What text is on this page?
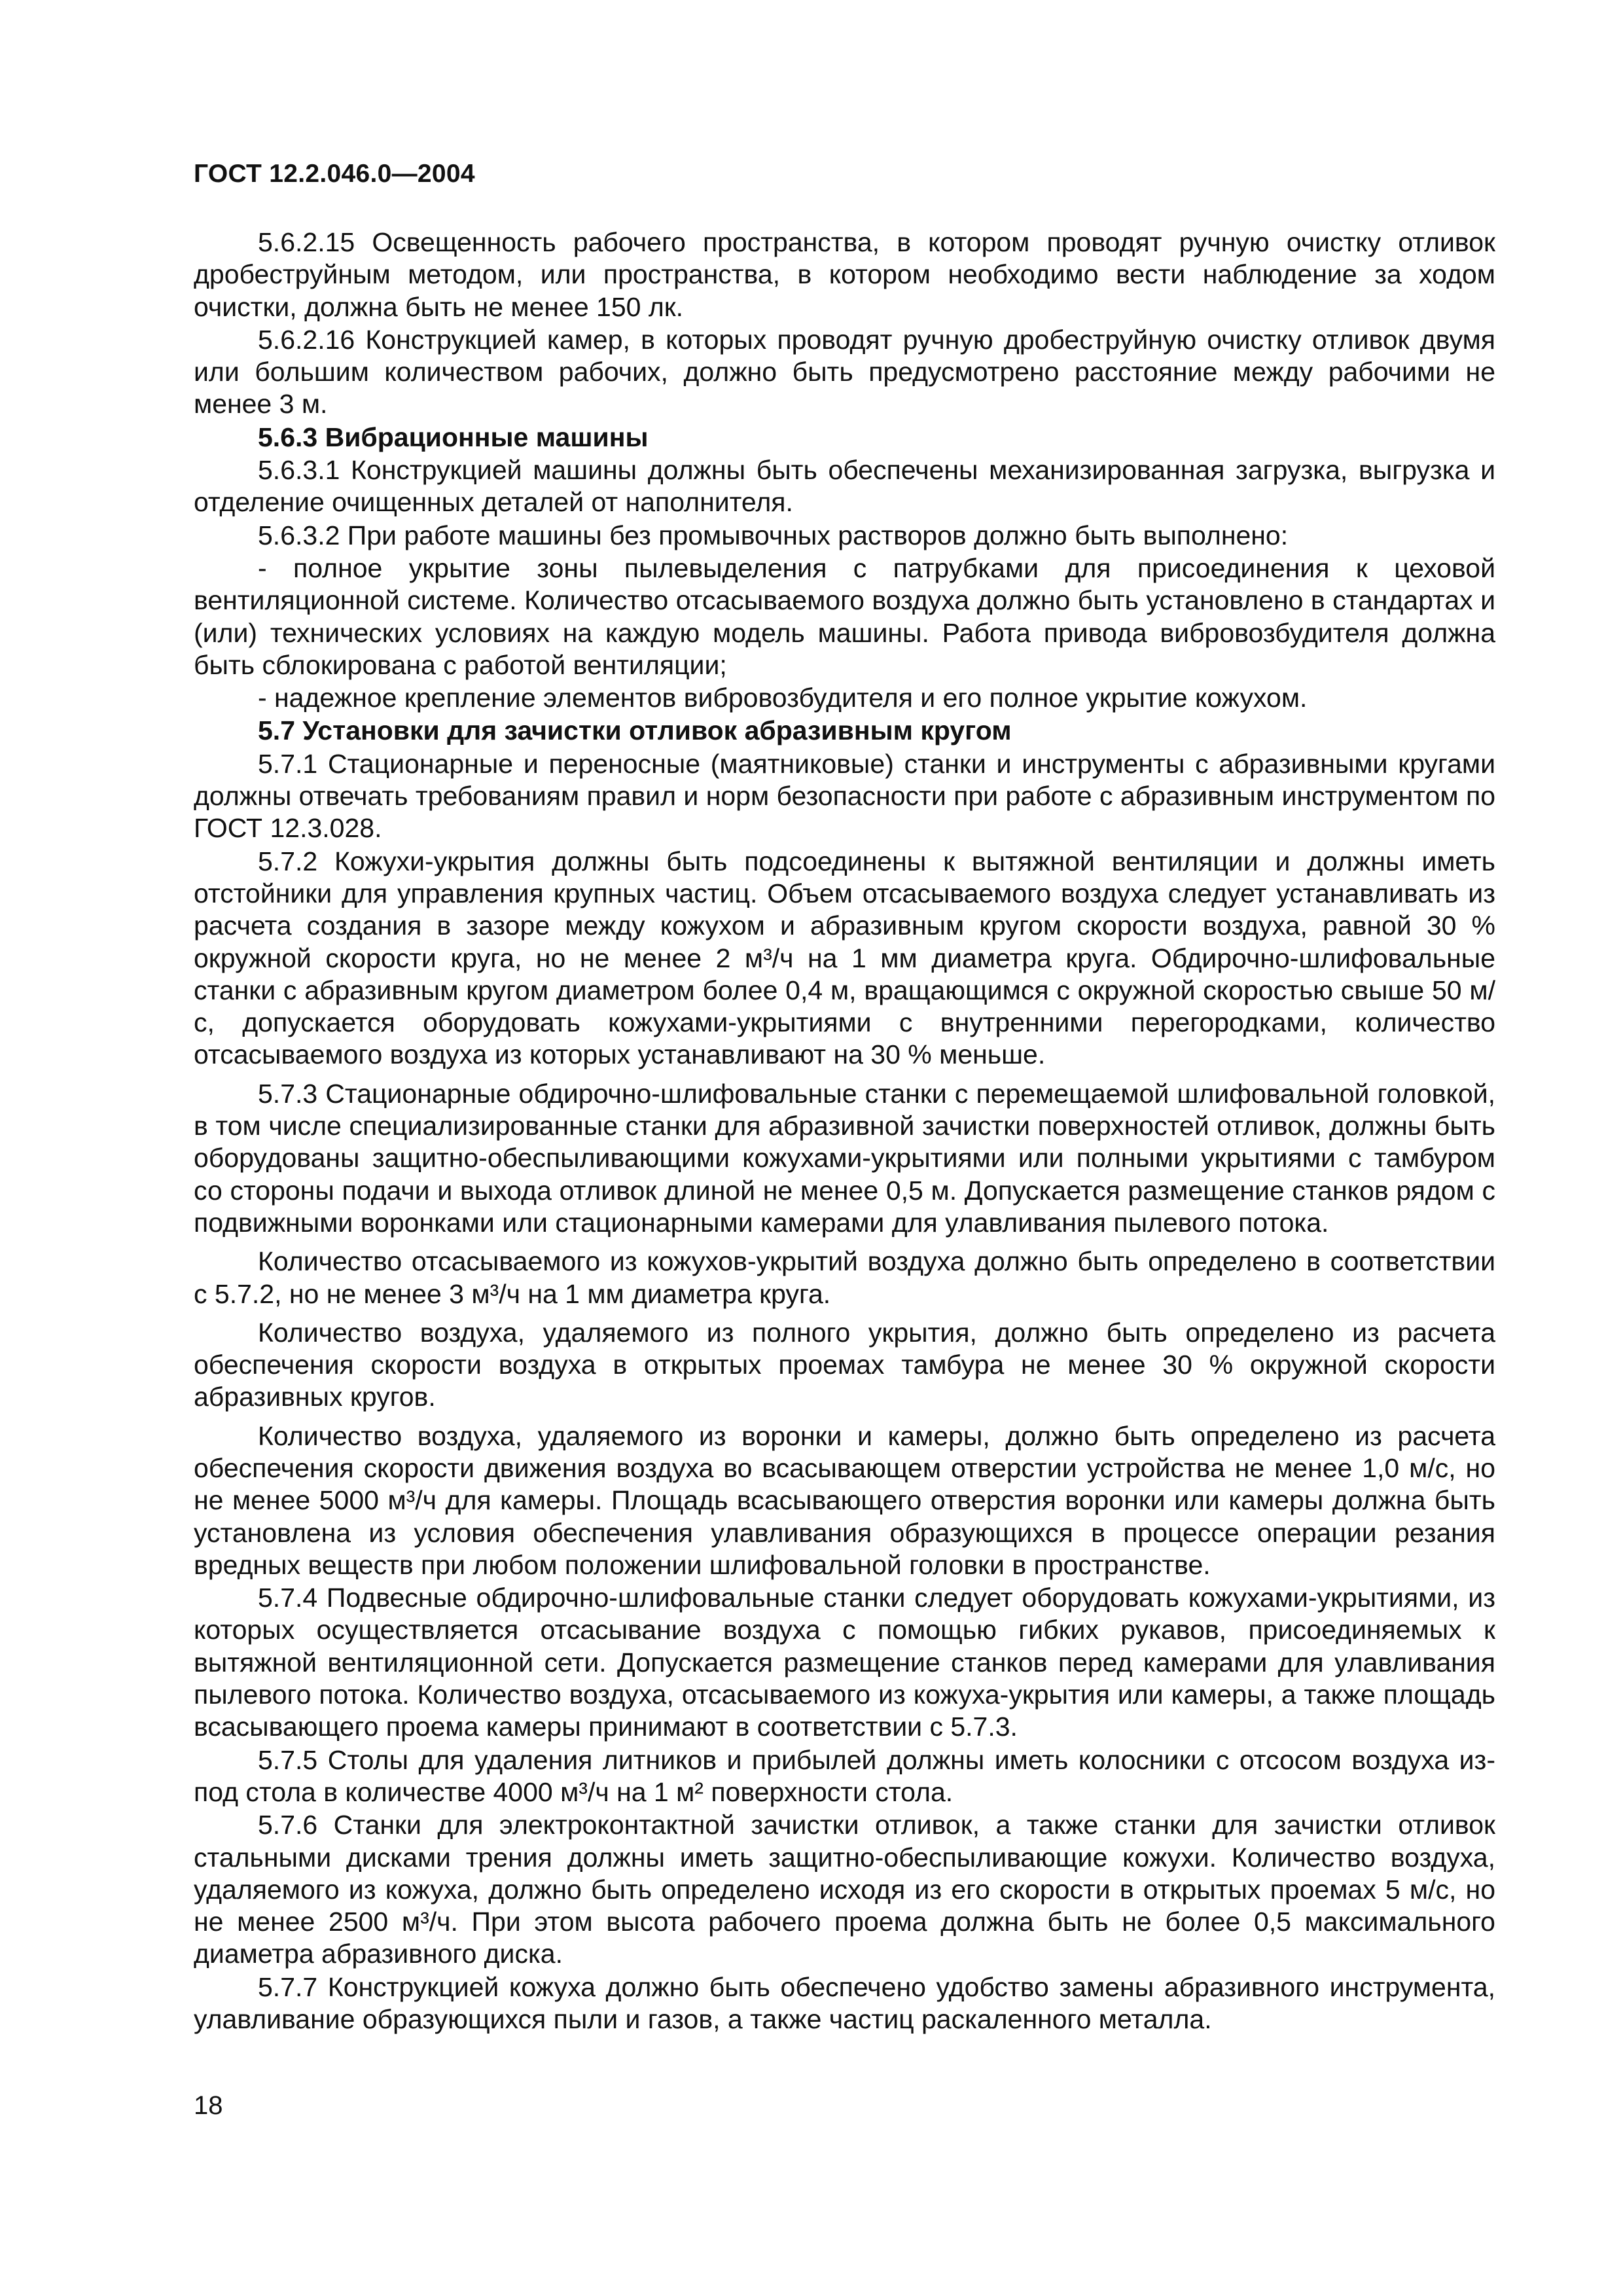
ГОСТ 12.2.046.0—2004

5.6.2.15 Освещенность рабочего пространства, в котором проводят ручную очистку отливок дробеструйным методом, или пространства, в котором необходимо вести наблюдение за ходом очистки, должна быть не менее 150 лк.

5.6.2.16 Конструкцией камер, в которых проводят ручную дробеструйную очистку отливок двумя или большим количеством рабочих, должно быть предусмотрено расстояние между рабочими не менее 3 м.

5.6.3 Вибрационные машины

5.6.3.1 Конструкцией машины должны быть обеспечены механизированная загрузка, выгрузка и отделение очищенных деталей от наполнителя.

5.6.3.2 При работе машины без промывочных растворов должно быть выполнено:

- полное укрытие зоны пылевыделения с патрубками для присоединения к цеховой вентиляционной системе. Количество отсасываемого воздуха должно быть установлено в стандартах и (или) технических условиях на каждую модель машины. Работа привода вибровозбудителя должна быть сблокирована с работой вентиляции;

- надежное крепление элементов вибровозбудителя и его полное укрытие кожухом.

5.7 Установки для зачистки отливок абразивным кругом

5.7.1 Стационарные и переносные (маятниковые) станки и инструменты с абразивными кругами должны отвечать требованиям правил и норм безопасности при работе с абразивным инструментом по ГОСТ 12.3.028.

5.7.2 Кожухи-укрытия должны быть подсоединены к вытяжной вентиляции и должны иметь отстойники для управления крупных частиц. Объем отсасываемого воздуха следует устанавливать из расчета создания в зазоре между кожухом и абразивным кругом скорости воздуха, равной 30 % окружной скорости круга, но не менее 2 м³/ч на 1 мм диаметра круга. Обдирочно-шлифовальные станки с абразивным кругом диаметром более 0,4 м, вращающимся с окружной скоростью свыше 50 м/с, допускается оборудовать кожухами-укрытиями с внутренними перегородками, количество отсасываемого воздуха из которых устанавливают на 30 % меньше.

5.7.3 Стационарные обдирочно-шлифовальные станки с перемещаемой шлифовальной головкой, в том числе специализированные станки для абразивной зачистки поверхностей отливок, должны быть оборудованы защитно-обеспыливающими кожухами-укрытиями или полными укрытиями с тамбуром со стороны подачи и выхода отливок длиной не менее 0,5 м. Допускается размещение станков рядом с подвижными воронками или стационарными камерами для улавливания пылевого потока.

Количество отсасываемого из кожухов-укрытий воздуха должно быть определено в соответствии с 5.7.2, но не менее 3 м³/ч на 1 мм диаметра круга.

Количество воздуха, удаляемого из полного укрытия, должно быть определено из расчета обеспечения скорости воздуха в открытых проемах тамбура не менее 30 % окружной скорости абразивных кругов.

Количество воздуха, удаляемого из воронки и камеры, должно быть определено из расчета обеспечения скорости движения воздуха во всасывающем отверстии устройства не менее 1,0 м/с, но не менее 5000 м³/ч для камеры. Площадь всасывающего отверстия воронки или камеры должна быть установлена из условия обеспечения улавливания образующихся в процессе операции резания вредных веществ при любом положении шлифовальной головки в пространстве.

5.7.4 Подвесные обдирочно-шлифовальные станки следует оборудовать кожухами-укрытиями, из которых осуществляется отсасывание воздуха с помощью гибких рукавов, присоединяемых к вытяжной вентиляционной сети. Допускается размещение станков перед камерами для улавливания пылевого потока. Количество воздуха, отсасываемого из кожуха-укрытия или камеры, а также площадь всасывающего проема камеры принимают в соответствии с 5.7.3.

5.7.5 Столы для удаления литников и прибылей должны иметь колосники с отсосом воздуха из-под стола в количестве 4000 м³/ч на 1 м² поверхности стола.

5.7.6 Станки для электроконтактной зачистки отливок, а также станки для зачистки отливок стальными дисками трения должны иметь защитно-обеспыливающие кожухи. Количество воздуха, удаляемого из кожуха, должно быть определено исходя из его скорости в открытых проемах 5 м/с, но не менее 2500 м³/ч. При этом высота рабочего проема должна быть не более 0,5 максимального диаметра абразивного диска.

5.7.7 Конструкцией кожуха должно быть обеспечено удобство замены абразивного инструмента, улавливание образующихся пыли и газов, а также частиц раскаленного металла.

18
